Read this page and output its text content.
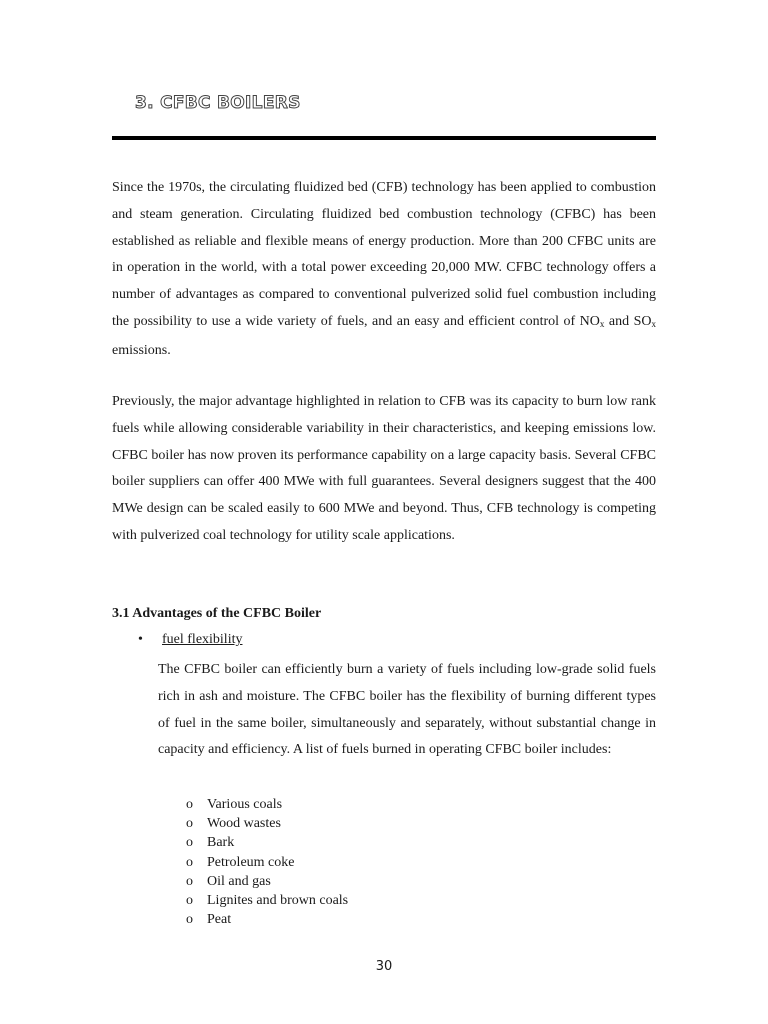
3. CFBC BOILERS

Since the 1970s, the circulating fluidized bed (CFB) technology has been applied to combustion and steam generation. Circulating fluidized bed combustion technology (CFBC) has been established as reliable and flexible means of energy production. More than 200 CFBC units are in operation in the world, with a total power exceeding 20,000 MW. CFBC technology offers a number of advantages as compared to conventional pulverized solid fuel combustion including the possibility to use a wide variety of fuels, and an easy and efficient control of $NO_x$ and $SO_x$ emissions.

Previously, the major advantage highlighted in relation to CFB was its capacity to burn low rank fuels while allowing considerable variability in their characteristics, and keeping emissions low. CFBC boiler has now proven its performance capability on a large capacity basis. Several CFBC boiler suppliers can offer 400 MWe with full guarantees. Several designers suggest that the 400 MWe design can be scaled easily to 600 MWe and beyond. Thus, CFB technology is competing with pulverized coal technology for utility scale applications.

3.1 Advantages of the CFBC Boiler
• fuel flexibility

The CFBC boiler can efficiently burn a variety of fuels including low-grade solid fuels rich in ash and moisture. The CFBC boiler has the flexibility of burning different types of fuel in the same boiler, simultaneously and separately, without substantial change in capacity and efficiency. A list of fuels burned in operating CFBC boiler includes:

o	Various coals
o	Wood wastes
o	Bark
o	Petroleum coke
o	Oil and gas
o	Lignites and brown coals
o	Peat
30
